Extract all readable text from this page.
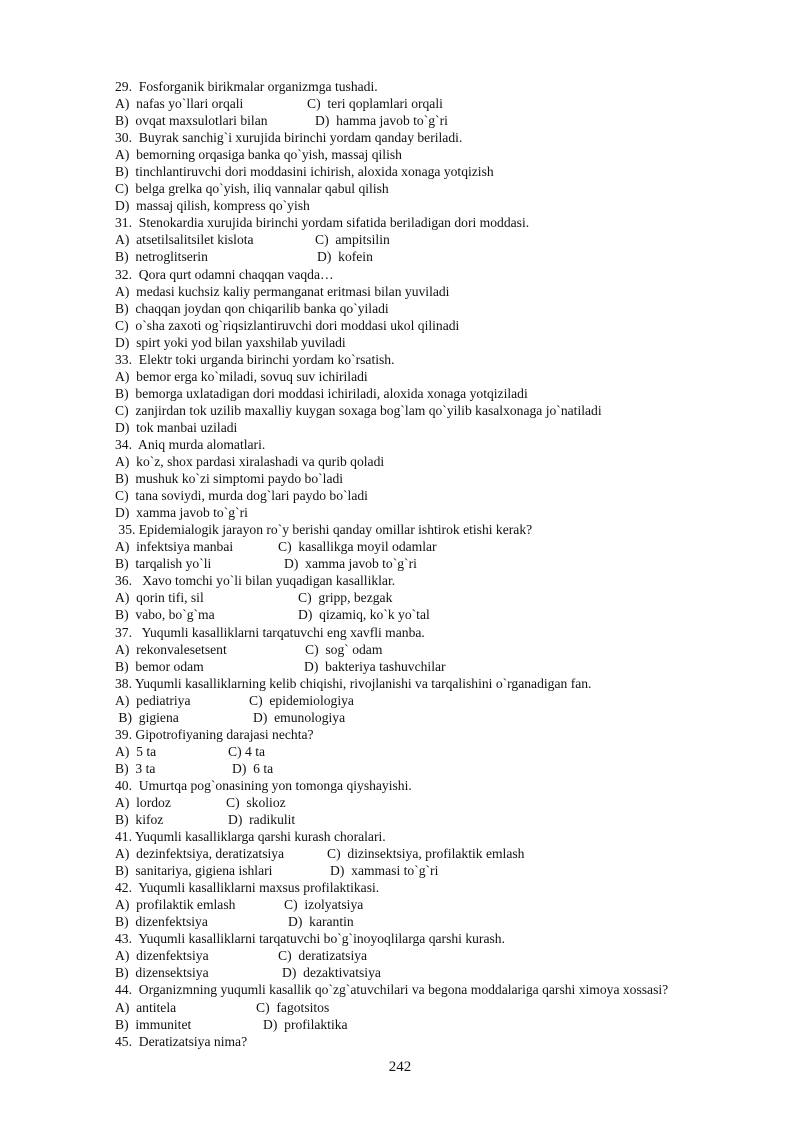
29.  Fosforganik birikmalar organizmga tushadi.
A)  nafas yo`llari orqali	C)  teri qoplamlari orqali
B)  ovqat maxsulotlari bilan	D)  hamma javob to`g`ri
30.  Buyrak sanchig`i xurujida birinchi yordam qanday beriladi.
A)  bemorning orqasiga banka qo`yish, massaj qilish
B)  tinchlantiruvchi dori moddasini ichirish, aloxida xonaga yotqizish
C)  belga grelka qo`yish, iliq vannalar qabul qilish
D)  massaj qilish, kompress qo`yish
31.  Stenokardia xurujida birinchi yordam sifatida beriladigan dori moddasi.
A)  atsetilsalitsilet kislota	C)  ampitsilin
B)  netroglitserin	D)  kofein
32.  Qora qurt odamni chaqqan vaqda…
A)  medasi kuchsiz kaliy permanganat eritmasi bilan yuviladi
B)  chaqqan joydan qon chiqarilib banka qo`yiladi
C)  o`sha zaxoti og`riqsizlantiruvchi dori moddasi ukol qilinadi
D)  spirt yoki yod bilan yaxshilab yuviladi
33.  Elektr toki urganda birinchi yordam ko`rsatish.
A)  bemor erga ko`miladi, sovuq suv ichiriladi
B)  bemorga uxlatadigan dori moddasi ichiriladi, aloxida xonaga yotqiziladi
C)  zanjirdan tok uzilib maxalliy kuygan soxaga bog`lam qo`yilib kasalxonaga jo`natiladi
D)  tok manbai uziladi
34.  Aniq murda alomatlari.
A)  ko`z, shox pardasi xiralashadi va qurib qoladi
B)  mushuk ko`zi simptomi paydo bo`ladi
C)  tana soviydi, murda dog`lari paydo bo`ladi
D)  xamma javob to`g`ri
35. Epidemialogik jarayon ro`y berishi qanday omillar ishtirok etishi kerak?
A)  infektsiya manbai	C)  kasallikga moyil odamlar
B)  tarqalish yo`li	D)  xamma javob to`g`ri
36.   Xavo tomchi yo`li bilan yuqadigan kasalliklar.
A)  qorin tifi, sil	C)  gripp, bezgak
B)  vabo, bo`g`ma	D)  qizamiq, ko`k yo`tal
37.   Yuqumli kasalliklarni tarqatuvchi eng xavfli manba.
A)  rekonvalesetsent	C)  sog` odam
B)  bemor odam	D)  bakteriya tashuvchilar
38. Yuqumli kasalliklarning kelib chiqishi, rivojlanishi va tarqalishini o`rganadigan fan.
A)  pediatriya	C)  epidemiologiya
B)  gigiena	D)  emunologiya
39. Gipotrofiyaning darajasi nechta?
A)  5 ta	C) 4 ta
B)  3 ta	D)  6 ta
40.  Umurtqa pog`onasining yon tomonga qiyshayishi.
A)  lordoz	C)  skolioz
B)  kifoz	D)  radikulit
41. Yuqumli kasalliklarga qarshi kurash choralari.
A)  dezinfektsiya, deratizatsiya	C)  dizinsektsiya, profilaktik emlash
B)  sanitariya, gigiena ishlari	D)  xammasi to`g`ri
42.  Yuqumli kasalliklarni maxsus profilaktikasi.
A)  profilaktik emlash	C)  izolyatsiya
B)  dizenfektsiya	D)  karantin
43.  Yuqumli kasalliklarni tarqatuvchi bo`g`inoyoqlilarga qarshi kurash.
A)  dizenfektsiya	C)  deratizatsiya
B)  dizensektsiya	D)  dezaktivatsiya
44.  Organizmning yuqumli kasallik qo`zg`atuvchilari va begona moddalariga qarshi ximoya xossasi?
A)  antitela	C)  fagotsitos
B)  immunitet	D)  profilaktika
45.  Deratizatsiya nima?
242
